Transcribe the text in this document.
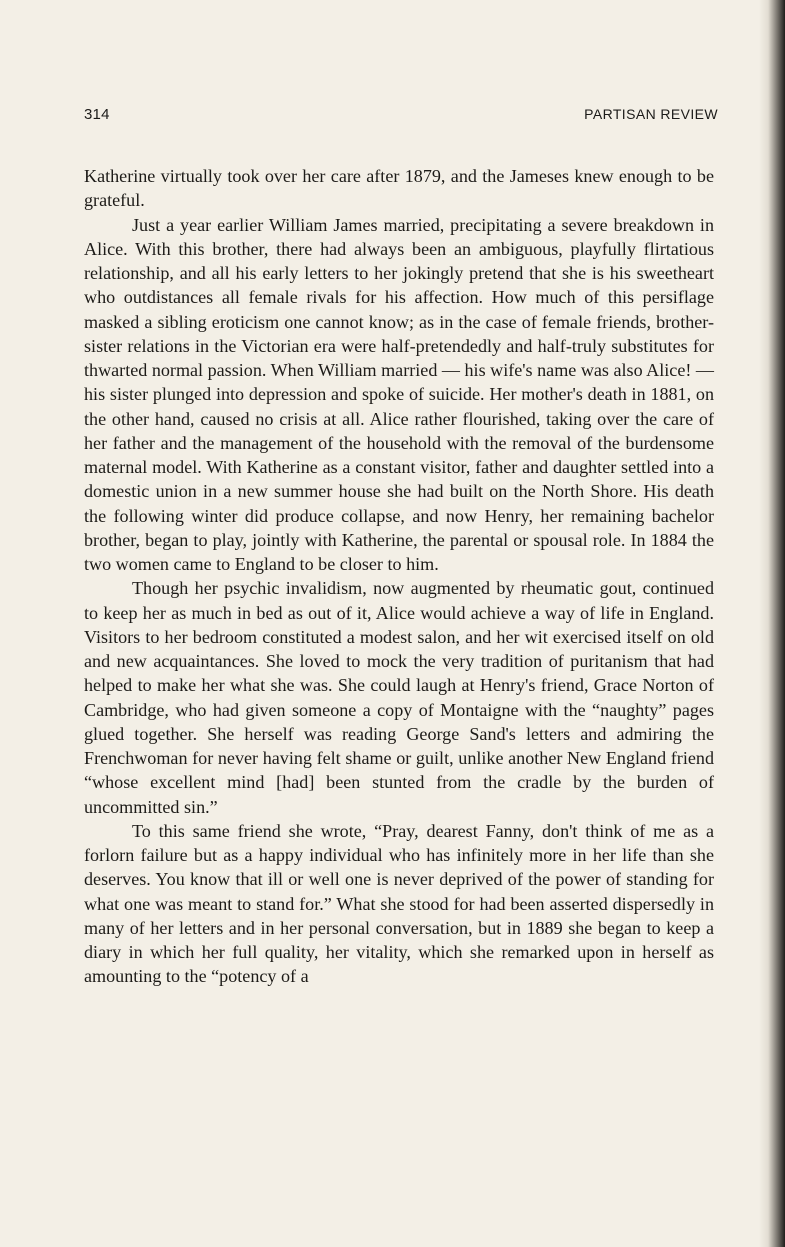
314	PARTISAN REVIEW

Katherine virtually took over her care after 1879, and the Jameses knew enough to be grateful.

Just a year earlier William James married, precipitating a severe breakdown in Alice. With this brother, there had always been an ambiguous, playfully flirtatious relationship, and all his early letters to her jokingly pretend that she is his sweetheart who outdistances all female rivals for his affection. How much of this persiflage masked a sibling eroticism one cannot know; as in the case of female friends, brother-sister relations in the Victorian era were half-pretendedly and half-truly substitutes for thwarted normal passion. When William married — his wife's name was also Alice! — his sister plunged into depression and spoke of suicide. Her mother's death in 1881, on the other hand, caused no crisis at all. Alice rather flourished, taking over the care of her father and the management of the household with the removal of the burdensome maternal model. With Katherine as a constant visitor, father and daughter settled into a domestic union in a new summer house she had built on the North Shore. His death the following winter did produce collapse, and now Henry, her remaining bachelor brother, began to play, jointly with Katherine, the parental or spousal role. In 1884 the two women came to England to be closer to him.

Though her psychic invalidism, now augmented by rheumatic gout, continued to keep her as much in bed as out of it, Alice would achieve a way of life in England. Visitors to her bedroom constituted a modest salon, and her wit exercised itself on old and new acquaintances. She loved to mock the very tradition of puritanism that had helped to make her what she was. She could laugh at Henry's friend, Grace Norton of Cambridge, who had given someone a copy of Montaigne with the “naughty” pages glued together. She herself was reading George Sand's letters and admiring the Frenchwoman for never having felt shame or guilt, unlike another New England friend “whose excellent mind [had] been stunted from the cradle by the burden of uncommitted sin.”

To this same friend she wrote, “Pray, dearest Fanny, don't think of me as a forlorn failure but as a happy individual who has infinitely more in her life than she deserves. You know that ill or well one is never deprived of the power of standing for what one was meant to stand for.” What she stood for had been asserted dispersedly in many of her letters and in her personal conversation, but in 1889 she began to keep a diary in which her full quality, her vitality, which she remarked upon in herself as amounting to the “potency of a
